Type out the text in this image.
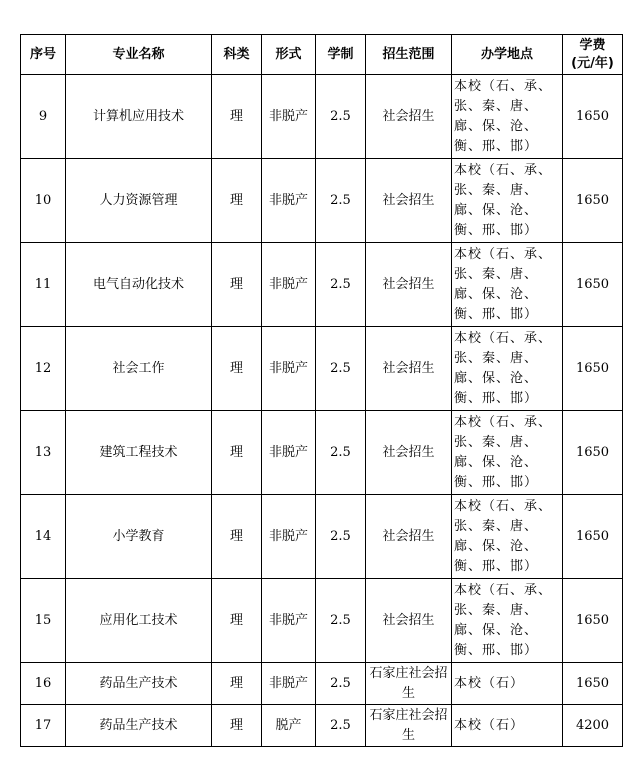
序号	专业名称	科类	形式	学制	招生范围	办学地点	学费
(元/年)
9	计算机应用技术	理	非脱产	2.5	社会招生	本校（石、承、张、秦、唐、廊、保、沧、衡、邢、邯）	1650
10	人力资源管理	理	非脱产	2.5	社会招生	本校（石、承、张、秦、唐、廊、保、沧、衡、邢、邯）	1650
11	电气自动化技术	理	非脱产	2.5	社会招生	本校（石、承、张、秦、唐、廊、保、沧、衡、邢、邯）	1650
12	社会工作	理	非脱产	2.5	社会招生	本校（石、承、张、秦、唐、廊、保、沧、衡、邢、邯）	1650
13	建筑工程技术	理	非脱产	2.5	社会招生	本校（石、承、张、秦、唐、廊、保、沧、衡、邢、邯）	1650
14	小学教育	理	非脱产	2.5	社会招生	本校（石、承、张、秦、唐、廊、保、沧、衡、邢、邯）	1650
15	应用化工技术	理	非脱产	2.5	社会招生	本校（石、承、张、秦、唐、廊、保、沧、衡、邢、邯）	1650
16	药品生产技术	理	非脱产	2.5	石家庄社会招生	本校（石）	1650
17	药品生产技术	理	脱产	2.5	石家庄社会招生	本校（石）	4200
